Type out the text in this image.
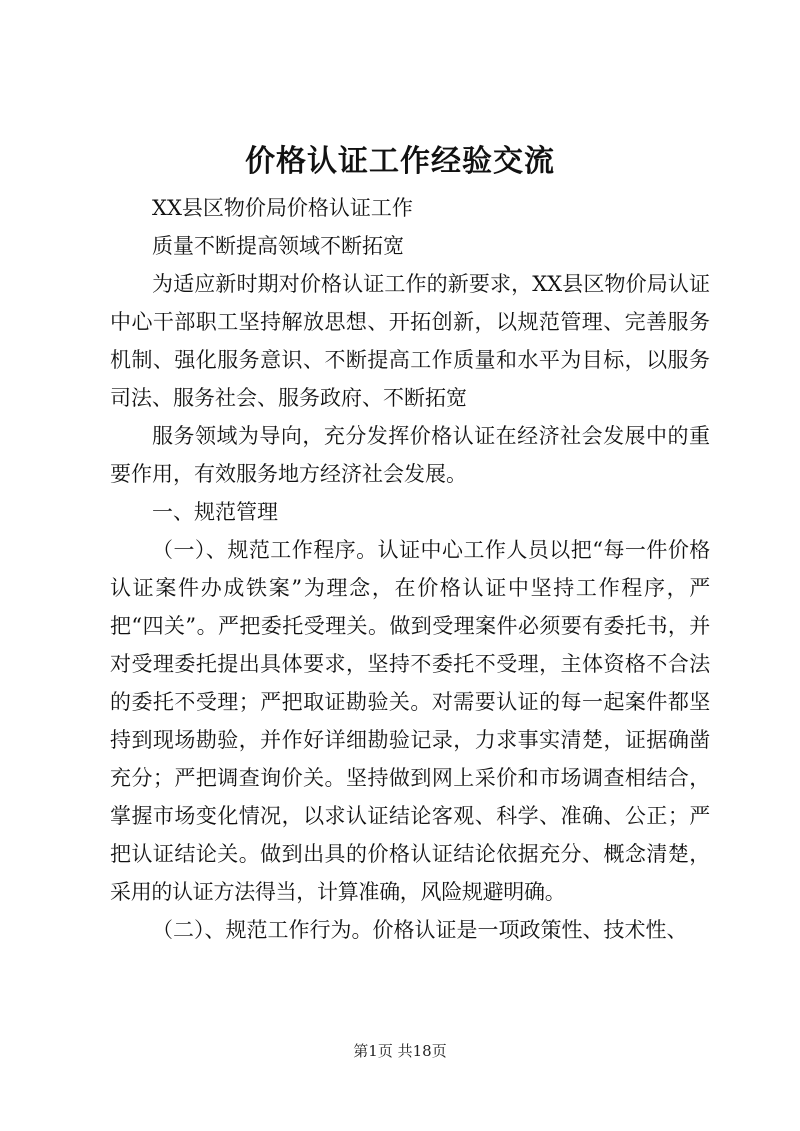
价格认证工作经验交流

XX县区物价局价格认证工作

质量不断提高领域不断拓宽

为适应新时期对价格认证工作的新要求，XX县区物价局认证中心干部职工坚持解放思想、开拓创新，以规范管理、完善服务机制、强化服务意识、不断提高工作质量和水平为目标，以服务司法、服务社会、服务政府、不断拓宽

服务领域为导向，充分发挥价格认证在经济社会发展中的重要作用，有效服务地方经济社会发展。

一、规范管理

（一）、规范工作程序。认证中心工作人员以把“每一件价格认证案件办成铁案”为理念，在价格认证中坚持工作程序，严把“四关”。严把委托受理关。做到受理案件必须要有委托书，并对受理委托提出具体要求，坚持不委托不受理，主体资格不合法的委托不受理；严把取证勘验关。对需要认证的每一起案件都坚持到现场勘验，并作好详细勘验记录，力求事实清楚，证据确凿充分；严把调查询价关。坚持做到网上采价和市场调查相结合，掌握市场变化情况，以求认证结论客观、科学、准确、公正；严把认证结论关。做到出具的价格认证结论依据充分、概念清楚，采用的认证方法得当，计算准确，风险规避明确。

（二）、规范工作行为。价格认证是一项政策性、技术性、

第1页 共18页
